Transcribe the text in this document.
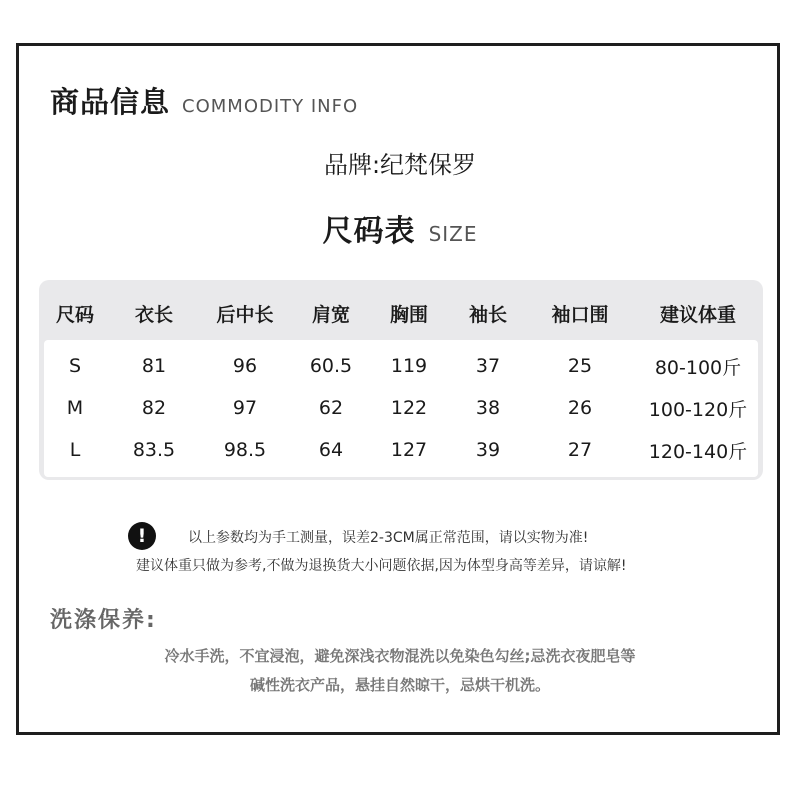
商品信息 COMMODITY INFO
品牌:纪梵保罗
尺码表 SIZE
尺码	衣长	后中长	肩宽	胸围	袖长	袖口围	建议体重
S	81	96	60.5	119	37	25	80-100斤
M	82	97	62	122	38	26	100-120斤
L	83.5	98.5	64	127	39	27	120-140斤
!	以上参数均为手工测量，误差2-3CM属正常范围，请以实物为准!
建议体重只做为参考,不做为退换货大小问题依据,因为体型身高等差异，请谅解!
洗涤保养:
冷水手洗，不宜浸泡，避免深浅衣物混洗以免染色勾丝;忌洗衣夜肥皂等
碱性洗衣产品，悬挂自然晾干，忌烘干机洗。
